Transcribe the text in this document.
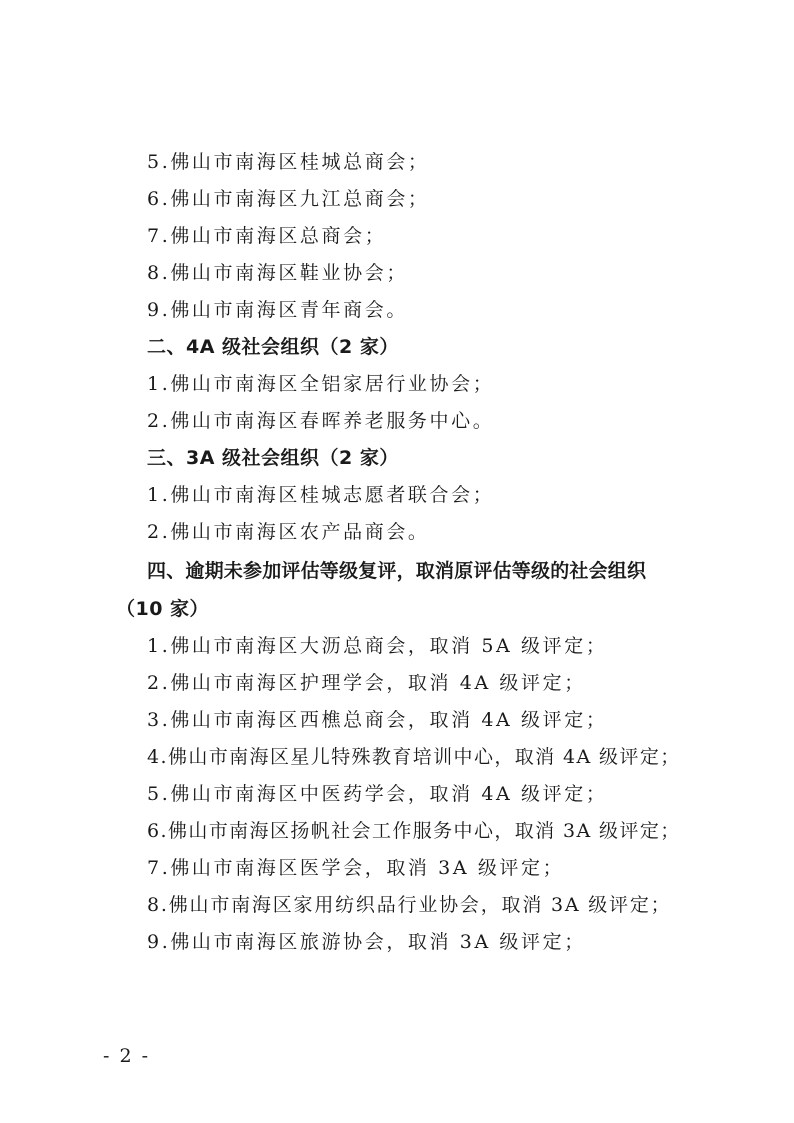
5.佛山市南海区桂城总商会；
6.佛山市南海区九江总商会；
7.佛山市南海区总商会；
8.佛山市南海区鞋业协会；
9.佛山市南海区青年商会。
二、4A 级社会组织（2 家）
1.佛山市南海区全铝家居行业协会；
2.佛山市南海区春晖养老服务中心。
三、3A 级社会组织（2 家）
1.佛山市南海区桂城志愿者联合会；
2.佛山市南海区农产品商会。
四、逾期未参加评估等级复评，取消原评估等级的社会组织
（10 家）
1.佛山市南海区大沥总商会，取消 5A 级评定；
2.佛山市南海区护理学会，取消 4A 级评定；
3.佛山市南海区西樵总商会，取消 4A 级评定；
4.佛山市南海区星儿特殊教育培训中心，取消 4A 级评定；
5.佛山市南海区中医药学会，取消 4A 级评定；
6.佛山市南海区扬帆社会工作服务中心，取消 3A 级评定；
7.佛山市南海区医学会，取消 3A 级评定；
8.佛山市南海区家用纺织品行业协会，取消 3A 级评定；
9.佛山市南海区旅游协会，取消 3A 级评定；
- 2 -
